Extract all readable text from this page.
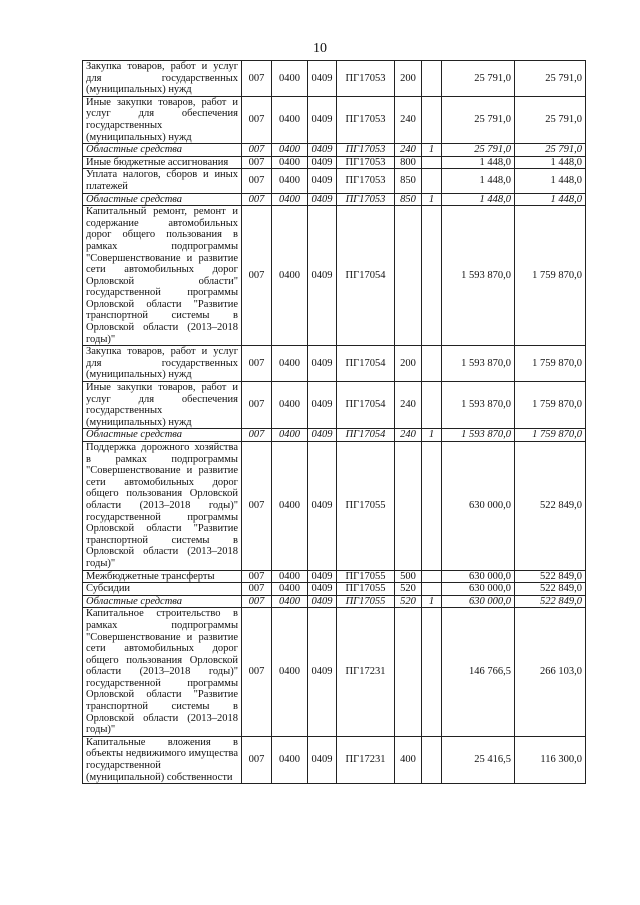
10
Закупка товаров, работ и услуг для государственных (муниципальных) нужд	007	0400	0409	ПГ17053	200		25 791,0	25 791,0
Иные закупки товаров, работ и услуг для обеспечения государственных (муниципальных) нужд	007	0400	0409	ПГ17053	240		25 791,0	25 791,0
Областные средства	007	0400	0409	ПГ17053	240	1	25 791,0	25 791,0
Иные бюджетные ассигнования	007	0400	0409	ПГ17053	800		1 448,0	1 448,0
Уплата налогов, сборов и иных платежей	007	0400	0409	ПГ17053	850		1 448,0	1 448,0
Областные средства	007	0400	0409	ПГ17053	850	1	1 448,0	1 448,0
Капитальный ремонт, ремонт и содержание автомобильных дорог общего пользования в рамках подпрограммы "Совершенствование и развитие сети автомобильных дорог Орловской области" государственной программы Орловской области "Развитие транспортной системы в Орловской области (2013–2018 годы)"	007	0400	0409	ПГ17054			1 593 870,0	1 759 870,0
Закупка товаров, работ и услуг для государственных (муниципальных) нужд	007	0400	0409	ПГ17054	200		1 593 870,0	1 759 870,0
Иные закупки товаров, работ и услуг для обеспечения государственных (муниципальных) нужд	007	0400	0409	ПГ17054	240		1 593 870,0	1 759 870,0
Областные средства	007	0400	0409	ПГ17054	240	1	1 593 870,0	1 759 870,0
Поддержка дорожного хозяйства в рамках подпрограммы "Совершенствование и развитие сети автомобильных дорог общего пользования Орловской области (2013–2018 годы)" государственной программы Орловской области "Развитие транспортной системы в Орловской области (2013–2018 годы)"	007	0400	0409	ПГ17055			630 000,0	522 849,0
Межбюджетные трансферты	007	0400	0409	ПГ17055	500		630 000,0	522 849,0
Субсидии	007	0400	0409	ПГ17055	520		630 000,0	522 849,0
Областные средства	007	0400	0409	ПГ17055	520	1	630 000,0	522 849,0
Капитальное строительство в рамках подпрограммы "Совершенствование и развитие сети автомобильных дорог общего пользования Орловской области (2013–2018 годы)" государственной программы Орловской области "Развитие транспортной системы в Орловской области (2013–2018 годы)"	007	0400	0409	ПГ17231			146 766,5	266 103,0
Капитальные вложения в объекты недвижимого имущества государственной (муниципальной) собственности	007	0400	0409	ПГ17231	400		25 416,5	116 300,0
